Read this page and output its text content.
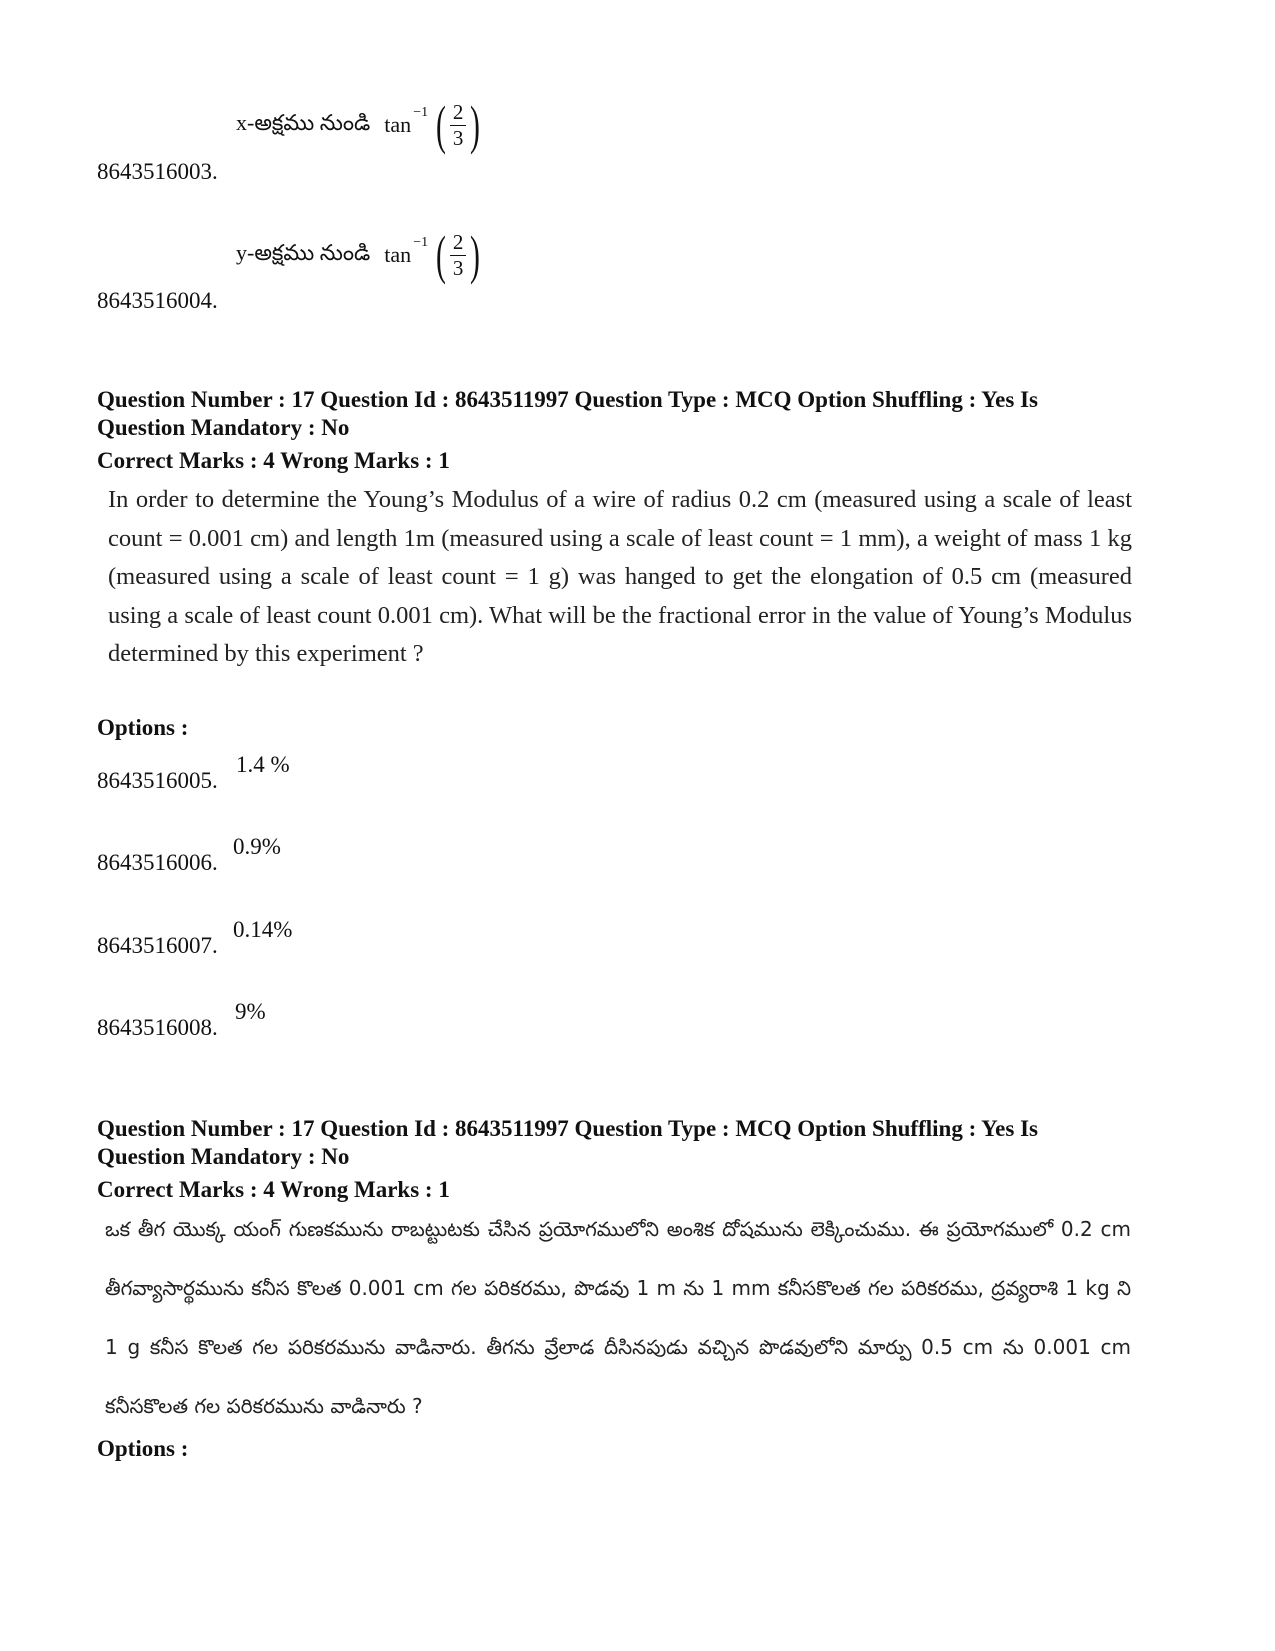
x-అక్షము నుండి $\tan^{-1}$ ( $\frac{2}{3}$ )
8643516003.
y-అక్షము నుండి $\tan^{-1}$ ( $\frac{2}{3}$ )
8643516004.
Question Number : 17 Question Id : 8643511997 Question Type : MCQ Option Shuffling : Yes Is
Question Mandatory : No
Correct Marks : 4 Wrong Marks : 1
In order to determine the Young’s Modulus of a wire of radius 0.2 cm (measured using a scale of least count = 0.001 cm) and length 1m (measured using a scale of least count = 1 mm), a weight of mass 1 kg (measured using a scale of least count = 1 g) was hanged to get the elongation of 0.5 cm (measured using a scale of least count 0.001 cm). What will be the fractional error in the value of Young’s Modulus determined by this experiment ?
Options :
8643516005.
1.4 %
8643516006.
0.9%
8643516007.
0.14%
8643516008.
9%
Question Number : 17 Question Id : 8643511997 Question Type : MCQ Option Shuffling : Yes Is
Question Mandatory : No
Correct Marks : 4 Wrong Marks : 1
ఒక తీగ యొక్క యంగ్ గుణకమును రాబట్టుటకు చేసిన ప్రయోగములోని అంశిక దోషమును లెక్కించుము. ఈ ప్రయోగములో 0.2 cm తీగవ్యాసార్థమును కనీస కొలత 0.001 cm గల పరికరము, పొడవు 1 m ను 1 mm కనీసకొలత గల పరికరము, ద్రవ్యరాశి 1 kg ని 1 g కనీస కొలత గల పరికరమును వాడినారు. తీగను వ్రేలాడ దీసినపుడు వచ్చిన పొడవులోని మార్పు 0.5 cm ను 0.001 cm కనీసకొలత గల పరికరమును వాడినారు ?
Options :
